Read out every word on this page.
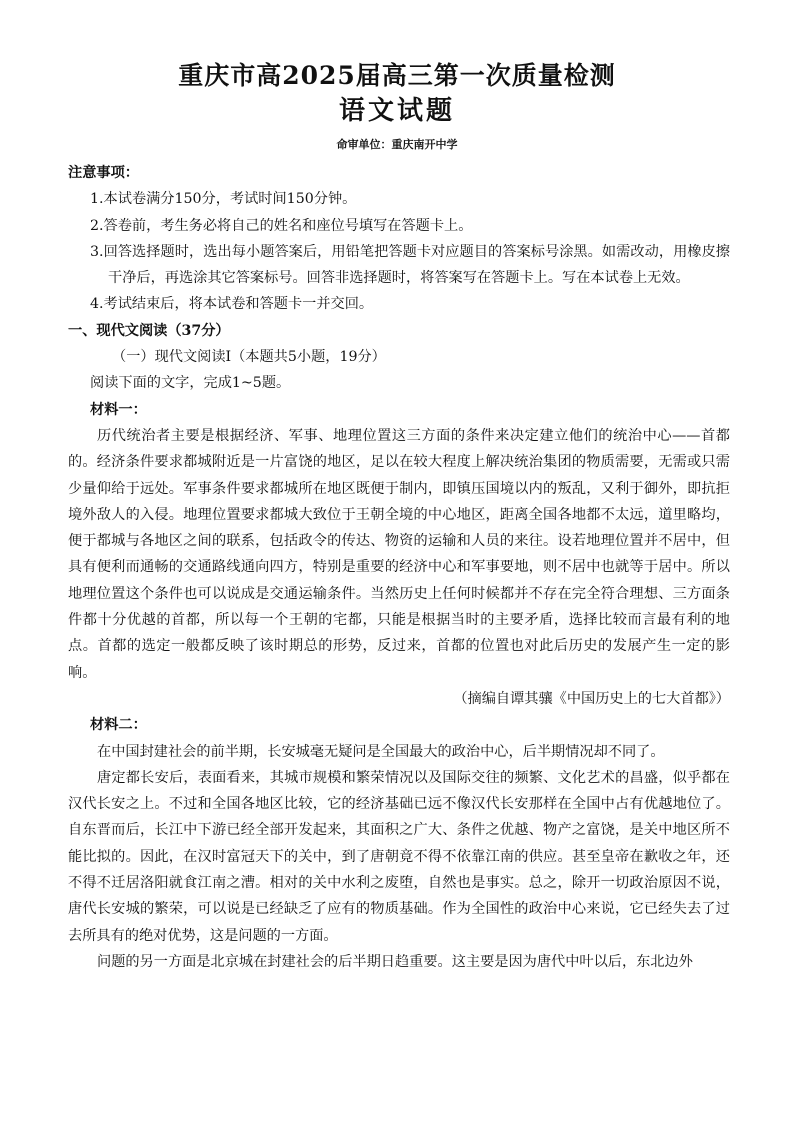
重庆市高2025届高三第一次质量检测
语文试题
命审单位：重庆南开中学

注意事项：

1.本试卷满分150分，考试时间150分钟。

2.答卷前，考生务必将自己的姓名和座位号填写在答题卡上。

3.回答选择题时，选出每小题答案后，用铅笔把答题卡对应题目的答案标号涂黑。如需改动，用橡皮擦干净后，再选涂其它答案标号。回答非选择题时，将答案写在答题卡上。写在本试卷上无效。

4.考试结束后，将本试卷和答题卡一并交回。

一、现代文阅读（37分）

（一）现代文阅读Ⅰ（本题共5小题，19分）

阅读下面的文字，完成1~5题。

材料一：

历代统治者主要是根据经济、军事、地理位置这三方面的条件来决定建立他们的统治中心——首都的。经济条件要求都城附近是一片富饶的地区，足以在较大程度上解决统治集团的物质需要，无需或只需少量仰给于远处。军事条件要求都城所在地区既便于制内，即镇压国境以内的叛乱，又利于御外，即抗拒境外敌人的入侵。地理位置要求都城大致位于王朝全境的中心地区，距离全国各地都不太远，道里略均，便于都城与各地区之间的联系，包括政令的传达、物资的运输和人员的来往。设若地理位置并不居中，但具有便利而通畅的交通路线通向四方，特别是重要的经济中心和军事要地，则不居中也就等于居中。所以地理位置这个条件也可以说成是交通运输条件。当然历史上任何时候都并不存在完全符合理想、三方面条件都十分优越的首都，所以每一个王朝的宅都，只能是根据当时的主要矛盾，选择比较而言最有利的地点。首都的选定一般都反映了该时期总的形势，反过来，首都的位置也对此后历史的发展产生一定的影响。

（摘编自谭其骧《中国历史上的七大首都》）

材料二：

在中国封建社会的前半期，长安城毫无疑问是全国最大的政治中心，后半期情况却不同了。

唐定都长安后，表面看来，其城市规模和繁荣情况以及国际交往的频繁、文化艺术的昌盛，似乎都在汉代长安之上。不过和全国各地区比较，它的经济基础已远不像汉代长安那样在全国中占有优越地位了。自东晋而后，长江中下游已经全部开发起来，其面积之广大、条件之优越、物产之富饶，是关中地区所不能比拟的。因此，在汉时富冠天下的关中，到了唐朝竟不得不依靠江南的供应。甚至皇帝在歉收之年，还不得不迁居洛阳就食江南之漕。相对的关中水利之废堕，自然也是事实。总之，除开一切政治原因不说，唐代长安城的繁荣，可以说是已经缺乏了应有的物质基础。作为全国性的政治中心来说，它已经失去了过去所具有的绝对优势，这是问题的一方面。

问题的另一方面是北京城在封建社会的后半期日趋重要。这主要是因为唐代中叶以后，东北边外
